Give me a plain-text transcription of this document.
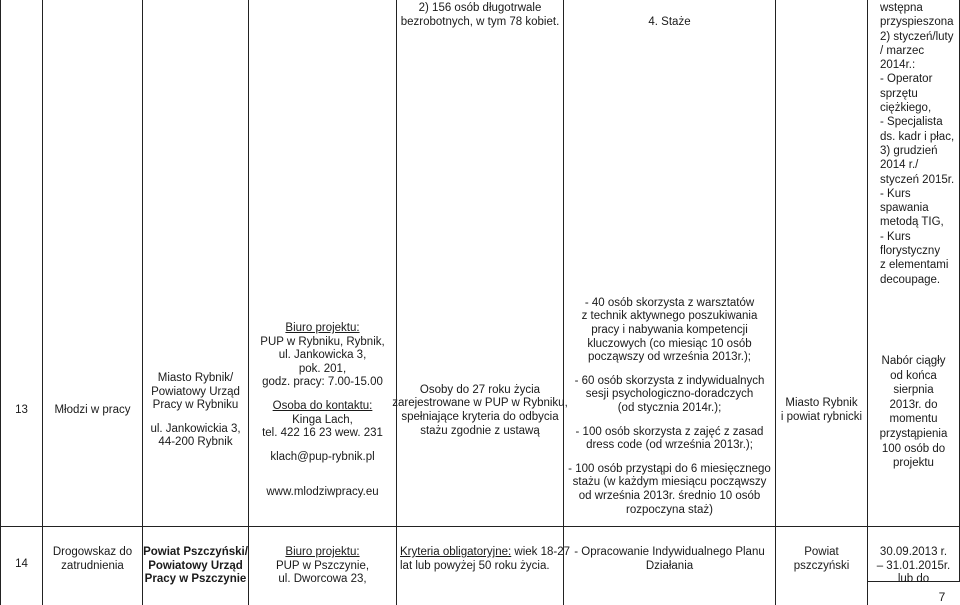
13	Młodzi w pracy
Miasto Rybnik/
Powiatowy Urząd
Pracy w Rybniku
ul. Jankowickia 3,
44-200 Rybnik
Biuro projektu:
PUP w Rybniku, Rybnik,
ul. Jankowicka 3,
pok. 201,
godz. pracy: 7.00-15.00
Osoba do kontaktu:
Kinga Lach,
tel. 422 16 23 wew. 231
klach@pup-rybnik.pl
www.mlodziwpracy.eu
2) 156 osób długotrwale
bezrobotnych, w tym 78 kobiet.
Osoby do 27 roku życia
zarejestrowane w PUP w Rybniku,
spełniające kryteria do odbycia
stażu zgodnie z ustawą
4. Staże
- 40 osób skorzysta z warsztatów
z technik aktywnego poszukiwania
pracy i nabywania kompetencji
kluczowych (co miesiąc 10 osób
począwszy od września 2013r.);
- 60 osób skorzysta z indywidualnych
sesji psychologiczno-doradczych
(od stycznia 2014r.);
- 100 osób skorzysta z zajęć z zasad
dress code (od września 2013r.);
- 100 osób przystąpi do 6 miesięcznego
stażu (w każdym miesiącu począwszy
od września 2013r. średnio 10 osób
rozpoczyna staż)
Miasto Rybnik
i powiat rybnicki
wstępna
przyspieszona
2) styczeń/luty
/ marzec
2014r.:
- Operator
sprzętu
ciężkiego,
- Specjalista
ds. kadr i płac,
3) grudzień
2014 r./
styczeń 2015r.
- Kurs
spawania
metodą TIG,
- Kurs
florystyczny
z elementami
decoupage.
Nabór ciągły
od końca
sierpnia
2013r. do
momentu
przystąpienia
100 osób do
projektu
14
Drogowskaz do
zatrudnienia
Powiat Pszczyński/
Powiatowy Urząd
Pracy w Pszczynie
Biuro projektu:
PUP w Pszczynie,
ul. Dworcowa 23,
Kryteria obligatoryjne: wiek 18-27
lat lub powyżej 50 roku życia.
- Opracowanie Indywidualnego Planu
Działania
Powiat
pszczyński
30.09.2013 r.
– 31.01.2015r.
lub do
7
